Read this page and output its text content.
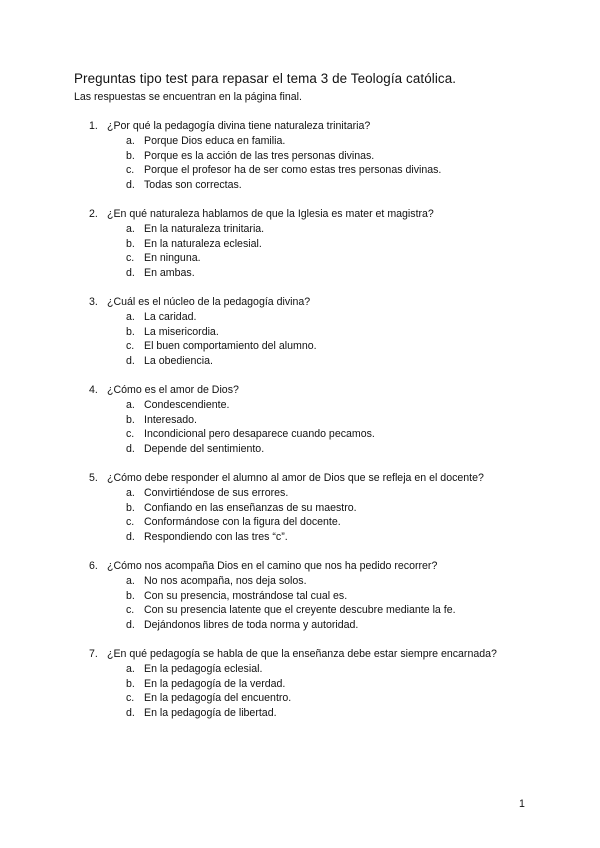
Preguntas tipo test para repasar el tema 3 de Teología católica.
Las respuestas se encuentran en la página final.
1. ¿Por qué la pedagogía divina tiene naturaleza trinitaria?
a. Porque Dios educa en familia.
b. Porque es la acción de las tres personas divinas.
c. Porque el profesor ha de ser como estas tres personas divinas.
d. Todas son correctas.
2. ¿En qué naturaleza hablamos de que la Iglesia es mater et magistra?
a. En la naturaleza trinitaria.
b. En la naturaleza eclesial.
c. En ninguna.
d. En ambas.
3. ¿Cuál es el núcleo de la pedagogía divina?
a. La caridad.
b. La misericordia.
c. El buen comportamiento del alumno.
d. La obediencia.
4. ¿Cómo es el amor de Dios?
a. Condescendiente.
b. Interesado.
c. Incondicional pero desaparece cuando pecamos.
d. Depende del sentimiento.
5. ¿Cómo debe responder el alumno al amor de Dios que se refleja en el docente?
a. Convirtiéndose de sus errores.
b. Confiando en las enseñanzas de su maestro.
c. Conformándose con la figura del docente.
d. Respondiendo con las tres “c”.
6. ¿Cómo nos acompaña Dios en el camino que nos ha pedido recorrer?
a. No nos acompaña, nos deja solos.
b. Con su presencia, mostrándose tal cual es.
c. Con su presencia latente que el creyente descubre mediante la fe.
d. Dejándonos libres de toda norma y autoridad.
7. ¿En qué pedagogía se habla de que la enseñanza debe estar siempre encarnada?
a. En la pedagogía eclesial.
b. En la pedagogía de la verdad.
c. En la pedagogía del encuentro.
d. En la pedagogía de libertad.
1
